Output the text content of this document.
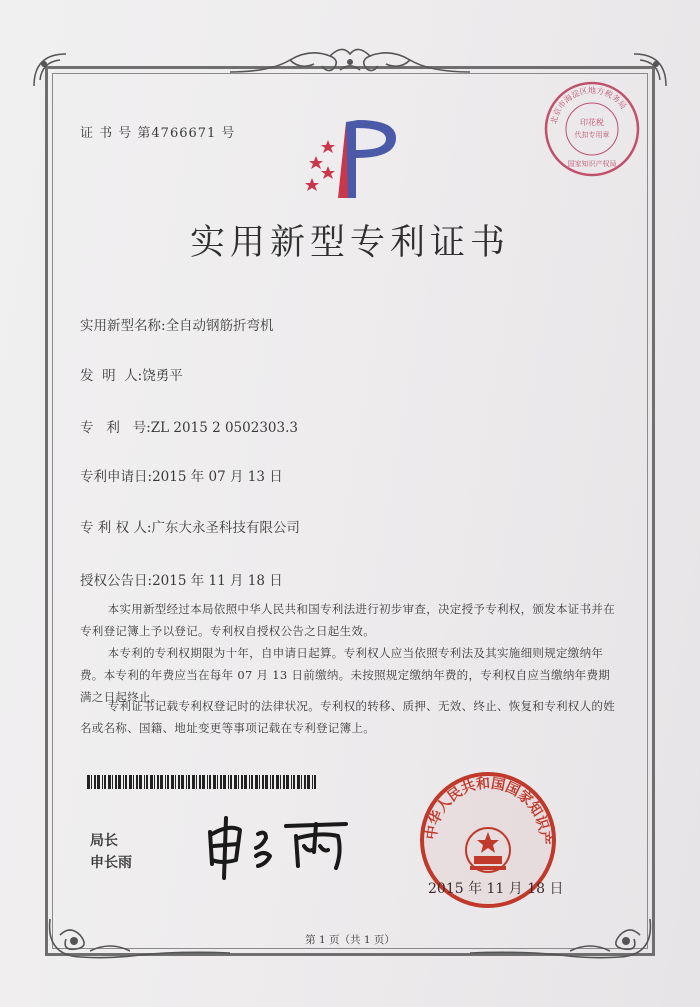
证 书 号 第4766671 号
北京市海淀区地方税务局
印花税
代扣专用章
国家知识产权局
实用新型专利证书
实用新型名称:全自动钢筋折弯机
发  明  人:饶勇平
专   利   号:ZL 2015 2 0502303.3
专利申请日:2015 年 07 月 13 日
专 利 权 人:广东大永圣科技有限公司
授权公告日:2015 年 11 月 18 日
本实用新型经过本局依照中华人民共和国专利法进行初步审查，决定授予专利权，颁发本证书并在专利登记簿上予以登记。专利权自授权公告之日起生效。
本专利的专利权期限为十年，自申请日起算。专利权人应当依照专利法及其实施细则规定缴纳年费。本专利的年费应当在每年 07 月 13 日前缴纳。未按照规定缴纳年费的，专利权自应当缴纳年费期满之日起终止。
专利证书记载专利权登记时的法律状况。专利权的转移、质押、无效、终止、恢复和专利权人的姓名或名称、国籍、地址变更等事项记载在专利登记簿上。
局长
申长雨
中华人民共和国国家知识产
2015 年 11 月 18 日
第 1 页（共 1 页）
